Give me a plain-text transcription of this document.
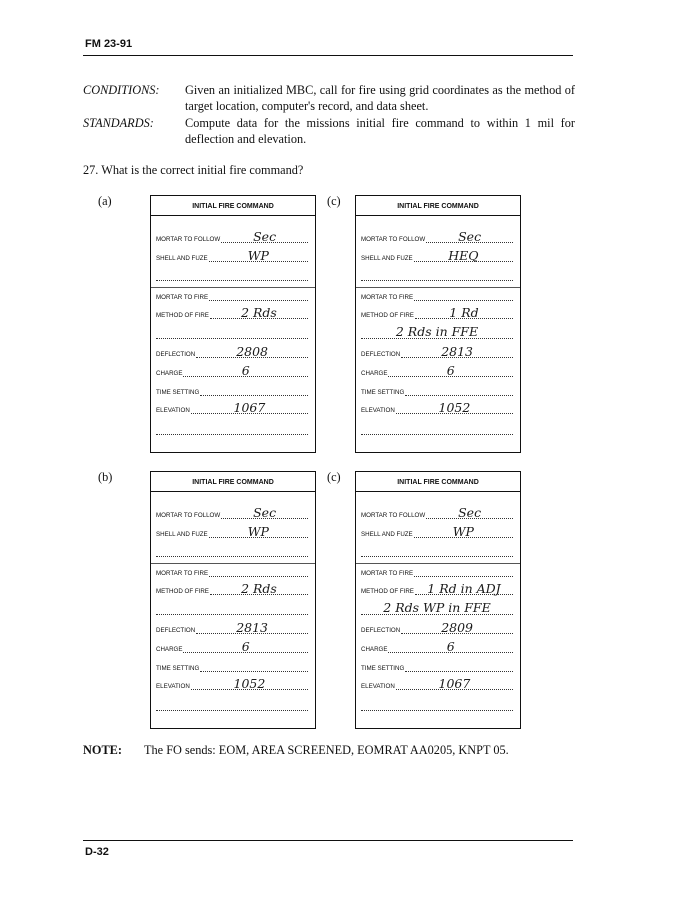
FM 23-91
CONDITIONS: Given an initialized MBC, call for fire using grid coordinates as the method of target location, computer's record, and data sheet.
STANDARDS:	Compute data for the missions initial fire command to within 1 mil for deflection and elevation.
27. What is the correct initial fire command?
(a)	INITIAL FIRE COMMAND
MORTAR TO FOLLOW	Sec
SHELL AND FUZE	WP
MORTAR TO FIRE
METHOD OF FIRE	2 Rds
DEFLECTION	2808
CHARGE	6
TIME SETTING
ELEVATION	1067
(c)	INITIAL FIRE COMMAND
MORTAR TO FOLLOW	Sec
SHELL AND FUZE	HEQ
MORTAR TO FIRE
METHOD OF FIRE	1 Rd
2 Rds in FFE
DEFLECTION	2813
CHARGE	6
TIME SETTING
ELEVATION	1052
(b)	INITIAL FIRE COMMAND
MORTAR TO FOLLOW	Sec
SHELL AND FUZE	WP
MORTAR TO FIRE
METHOD OF FIRE	2 Rds
DEFLECTION	2813
CHARGE	6
TIME SETTING
ELEVATION	1052
(c)	INITIAL FIRE COMMAND
MORTAR TO FOLLOW	Sec
SHELL AND FUZE	WP
MORTAR TO FIRE
METHOD OF FIRE 1 Rd in ADJ
2 Rds WP in FFE
DEFLECTION	2809
CHARGE	6
TIME SETTING
ELEVATION	1067
NOTE: The FO sends: EOM, AREA SCREENED, EOMRAT AA0205, KNPT 05.
D-32
